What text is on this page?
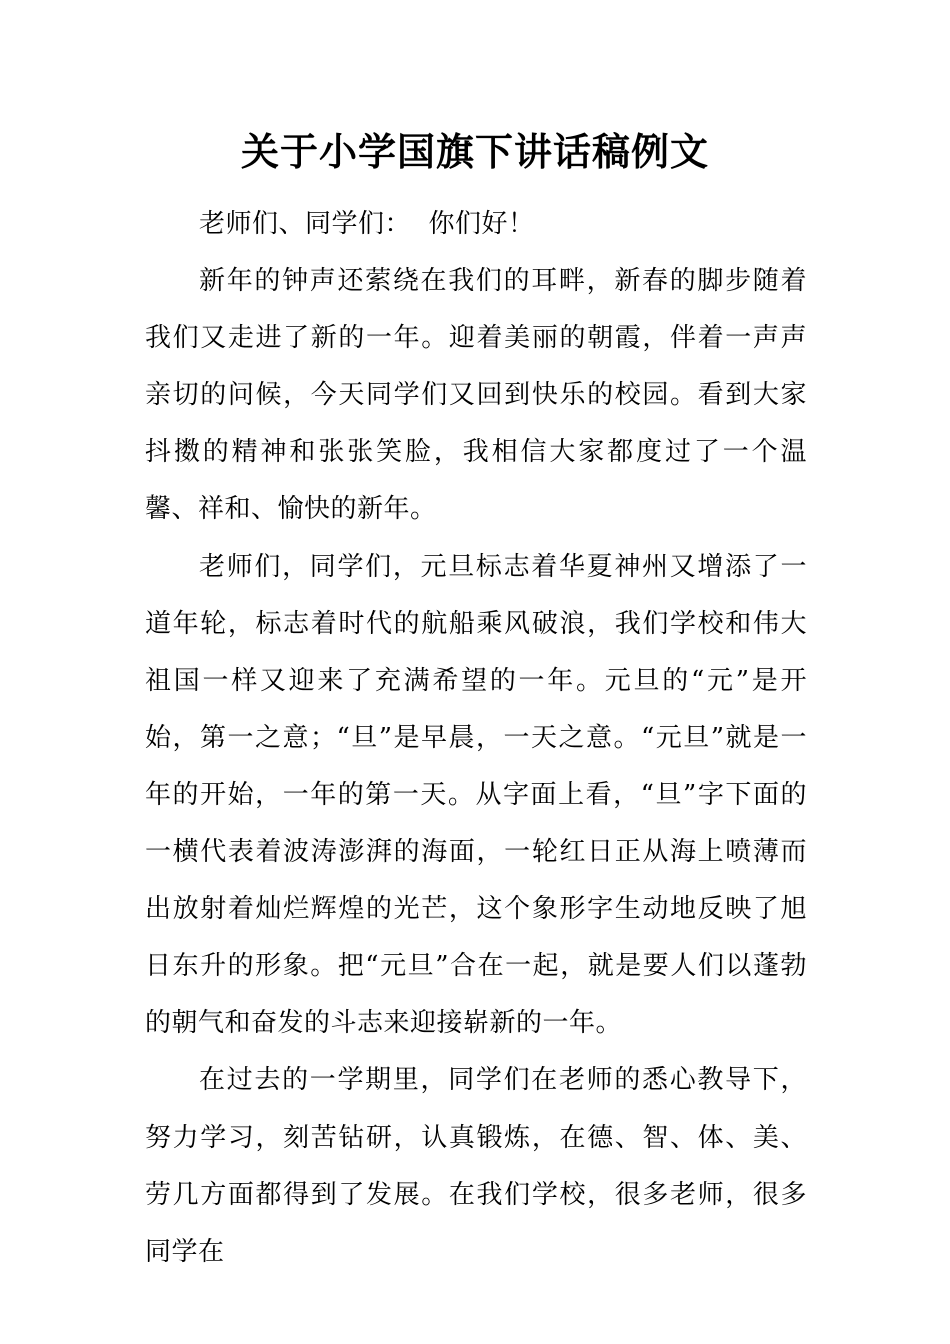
关于小学国旗下讲话稿例文

老师们、同学们：  你们好！

新年的钟声还萦绕在我们的耳畔，新春的脚步随着我们又走进了新的一年。迎着美丽的朝霞，伴着一声声亲切的问候，今天同学们又回到快乐的校园。看到大家抖擞的精神和张张笑脸，我相信大家都度过了一个温馨、祥和、愉快的新年。

老师们，同学们，元旦标志着华夏神州又增添了一道年轮，标志着时代的航船乘风破浪，我们学校和伟大祖国一样又迎来了充满希望的一年。元旦的“元”是开始，第一之意；“旦”是早晨，一天之意。“元旦”就是一年的开始，一年的第一天。从字面上看，“旦”字下面的一横代表着波涛澎湃的海面，一轮红日正从海上喷薄而出放射着灿烂辉煌的光芒，这个象形字生动地反映了旭日东升的形象。把“元旦”合在一起，就是要人们以蓬勃的朝气和奋发的斗志来迎接崭新的一年。

在过去的一学期里，同学们在老师的悉心教导下，努力学习，刻苦钻研，认真锻炼，在德、智、体、美、劳几方面都得到了发展。在我们学校，很多老师，很多同学在
